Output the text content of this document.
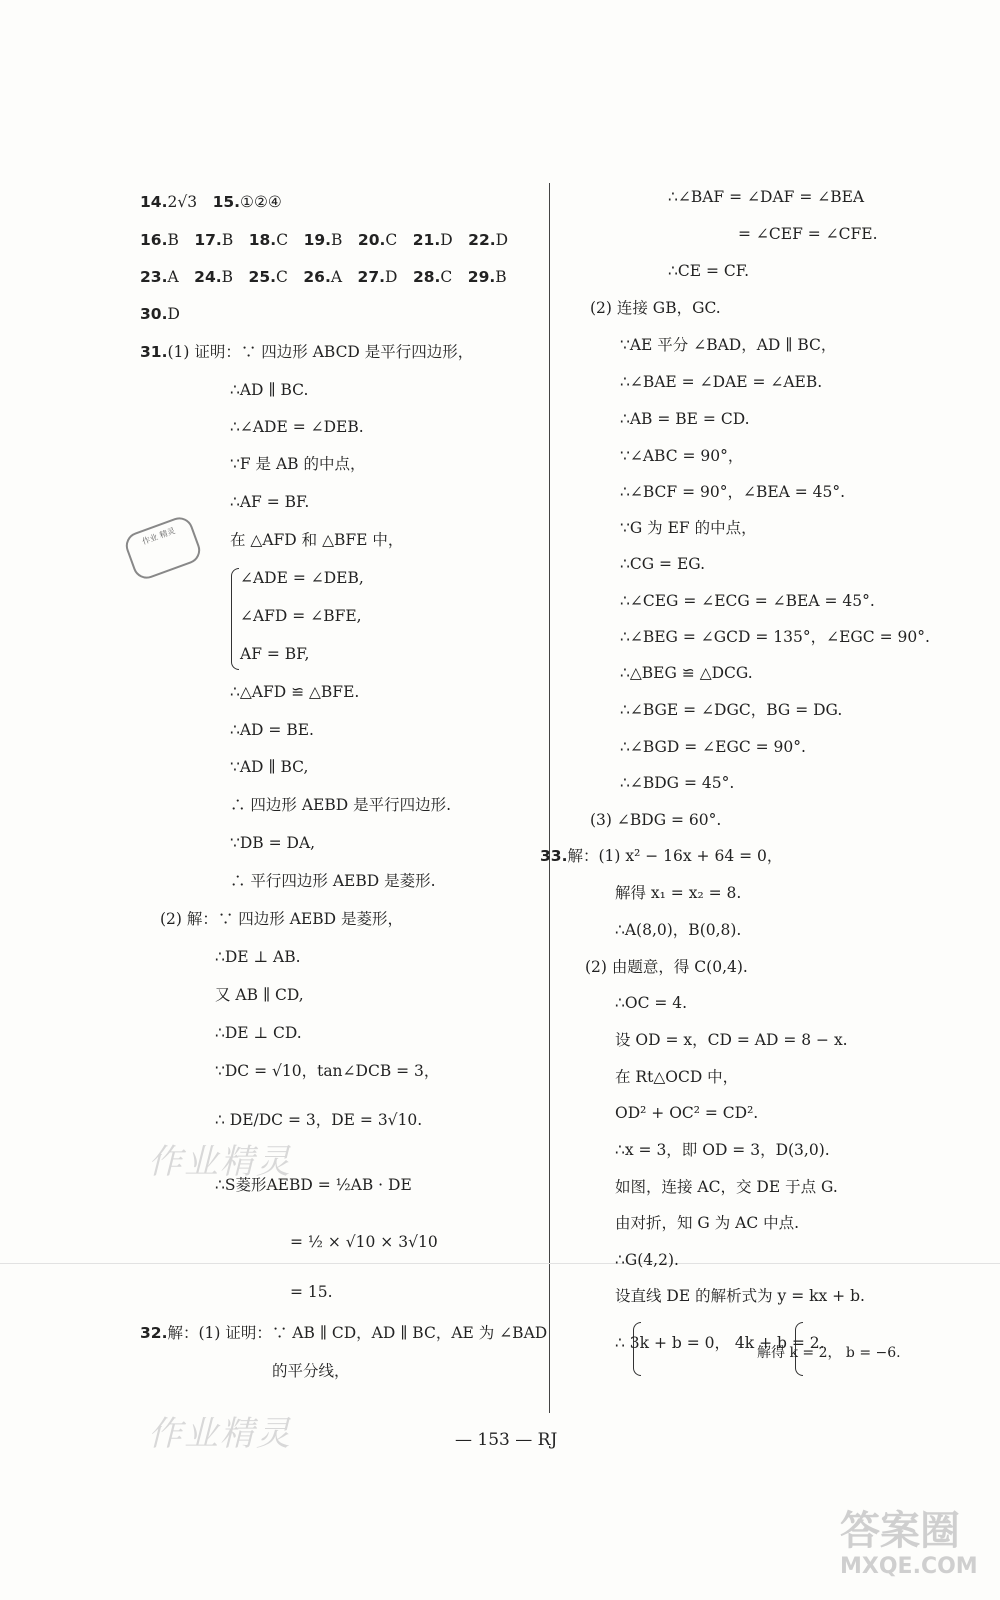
14.2√3　15.①②④
16.B　17.B　18.C　19.B　20.C　21.D　22.D
23.A　24.B　25.C　26.A　27.D　28.C　29.B
30.D
31.(1) 证明：∵ 四边形 ABCD 是平行四边形，
∴AD ∥ BC.
∴∠ADE = ∠DEB.
∵F 是 AB 的中点，
∴AF = BF.
在 △AFD 和 △BFE 中，
∠ADE = ∠DEB,
∠AFD = ∠BFE,
AF = BF,
∴△AFD ≌ △BFE.
∴AD = BE.
∵AD ∥ BC,
∴ 四边形 AEBD 是平行四边形.
∵DB = DA,
∴ 平行四边形 AEBD 是菱形.
(2) 解：∵ 四边形 AEBD 是菱形，
∴DE ⊥ AB.
又 AB ∥ CD,
∴DE ⊥ CD.
∵DC = √10，tan∠DCB = 3，
∴ DE/DC = 3，DE = 3√10.
∴S菱形AEBD = ½AB · DE
= ½ × √10 × 3√10
= 15.
32.解：(1) 证明：∵ AB ∥ CD，AD ∥ BC，AE 为 ∠BAD
的平分线，
∴∠BAF = ∠DAF = ∠BEA
= ∠CEF = ∠CFE.
∴CE = CF.
(2) 连接 GB，GC.
∵AE 平分 ∠BAD，AD ∥ BC，
∴∠BAE = ∠DAE = ∠AEB.
∴AB = BE = CD.
∵∠ABC = 90°，
∴∠BCF = 90°，∠BEA = 45°.
∵G 为 EF 的中点，
∴CG = EG.
∴∠CEG = ∠ECG = ∠BEA = 45°.
∴∠BEG = ∠GCD = 135°，∠EGC = 90°.
∴△BEG ≌ △DCG.
∴∠BGE = ∠DGC，BG = DG.
∴∠BGD = ∠EGC = 90°.
∴∠BDG = 45°.
(3) ∠BDG = 60°.
33.解：(1) x² − 16x + 64 = 0，
解得 x₁ = x₂ = 8.
∴A(8,0)，B(0,8).
(2) 由题意，得 C(0,4).
∴OC = 4.
设 OD = x，CD = AD = 8 − x.
在 Rt△OCD 中，
OD² + OC² = CD².
∴x = 3，即 OD = 3，D(3,0).
如图，连接 AC，交 DE 于点 G.
由对折，知 G 为 AC 中点.
∴G(4,2).
设直线 DE 的解析式为 y = kx + b.
∴ 3k + b = 0， 4k + b = 2.
解得 k = 2， b = −6.
作业 精灵
作业精灵
作业精灵
答案圈
MXQE.COM
— 153 — RJ
